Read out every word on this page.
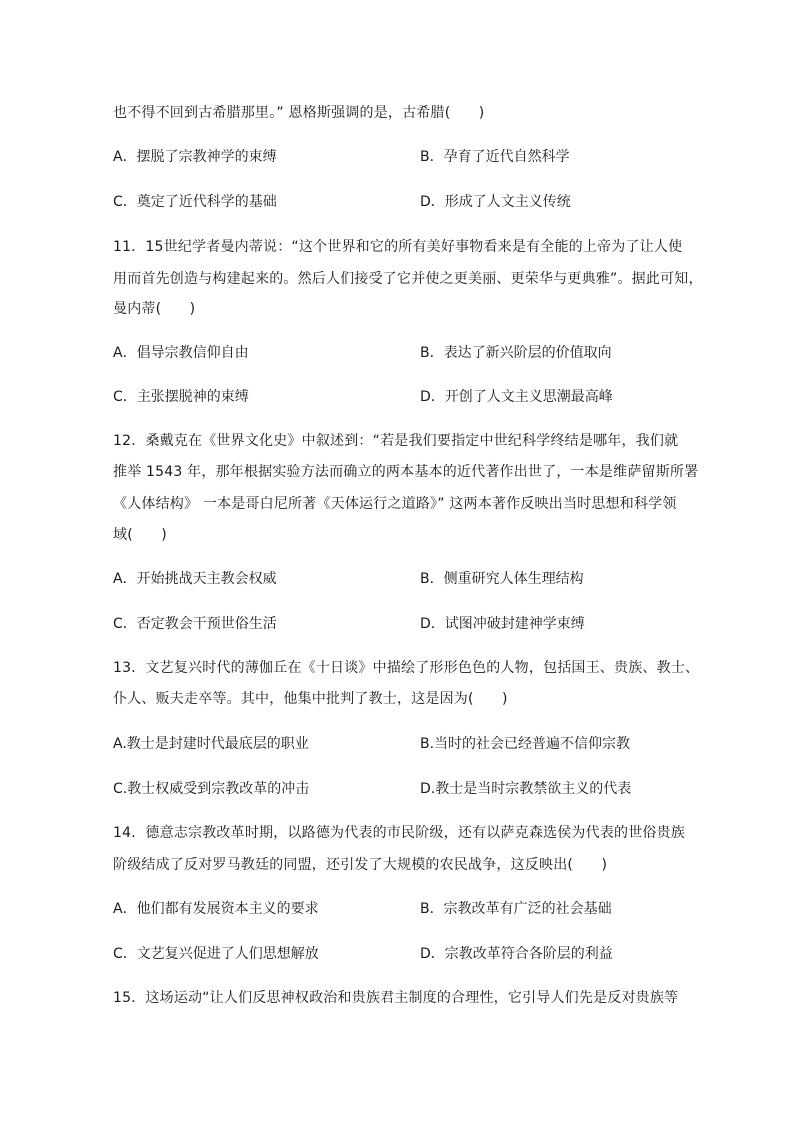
也不得不回到古希腊那里。” 恩格斯强调的是，古希腊(　　)
A．摆脱了宗教神学的束缚	B．孕育了近代自然科学
C．奠定了近代科学的基础	D．形成了人文主义传统
11．15世纪学者曼内蒂说：“这个世界和它的所有美好事物看来是有全能的上帝为了让人使
用而首先创造与构建起来的。然后人们接受了它并使之更美丽、更荣华与更典雅”。据此可知，
曼内蒂(　　)
A．倡导宗教信仰自由	B．表达了新兴阶层的价值取向
C．主张摆脱神的束缚	D．开创了人文主义思潮最高峰
12．桑戴克在《世界文化史》中叙述到：“若是我们要指定中世纪科学终结是哪年，我们就
推举 1543 年，那年根据实验方法而确立的两本基本的近代著作出世了，一本是维萨留斯所署
《人体结构》 一本是哥白尼所著《天体运行之道路》” 这两本著作反映出当时思想和科学领
域(　　)
A．开始挑战天主教会权威	B．侧重研究人体生理结构
C．否定教会干预世俗生活	D．试图冲破封建神学束缚
13．文艺复兴时代的薄伽丘在《十日谈》中描绘了形形色色的人物，包括国王、贵族、教士、
仆人、贩夫走卒等。其中，他集中批判了教士，这是因为(　　)
A.教士是封建时代最底层的职业	B.当时的社会已经普遍不信仰宗教
C.教士权威受到宗教改革的冲击	D.教士是当时宗教禁欲主义的代表
14．德意志宗教改革时期，以路德为代表的市民阶级，还有以萨克森选侯为代表的世俗贵族
阶级结成了反对罗马教廷的同盟，还引发了大规模的农民战争，这反映出(　　)
A．他们都有发展资本主义的要求	B．宗教改革有广泛的社会基础
C．文艺复兴促进了人们思想解放	D．宗教改革符合各阶层的利益
15．这场运动“让人们反思神权政治和贵族君主制度的合理性，它引导人们先是反对贵族等
